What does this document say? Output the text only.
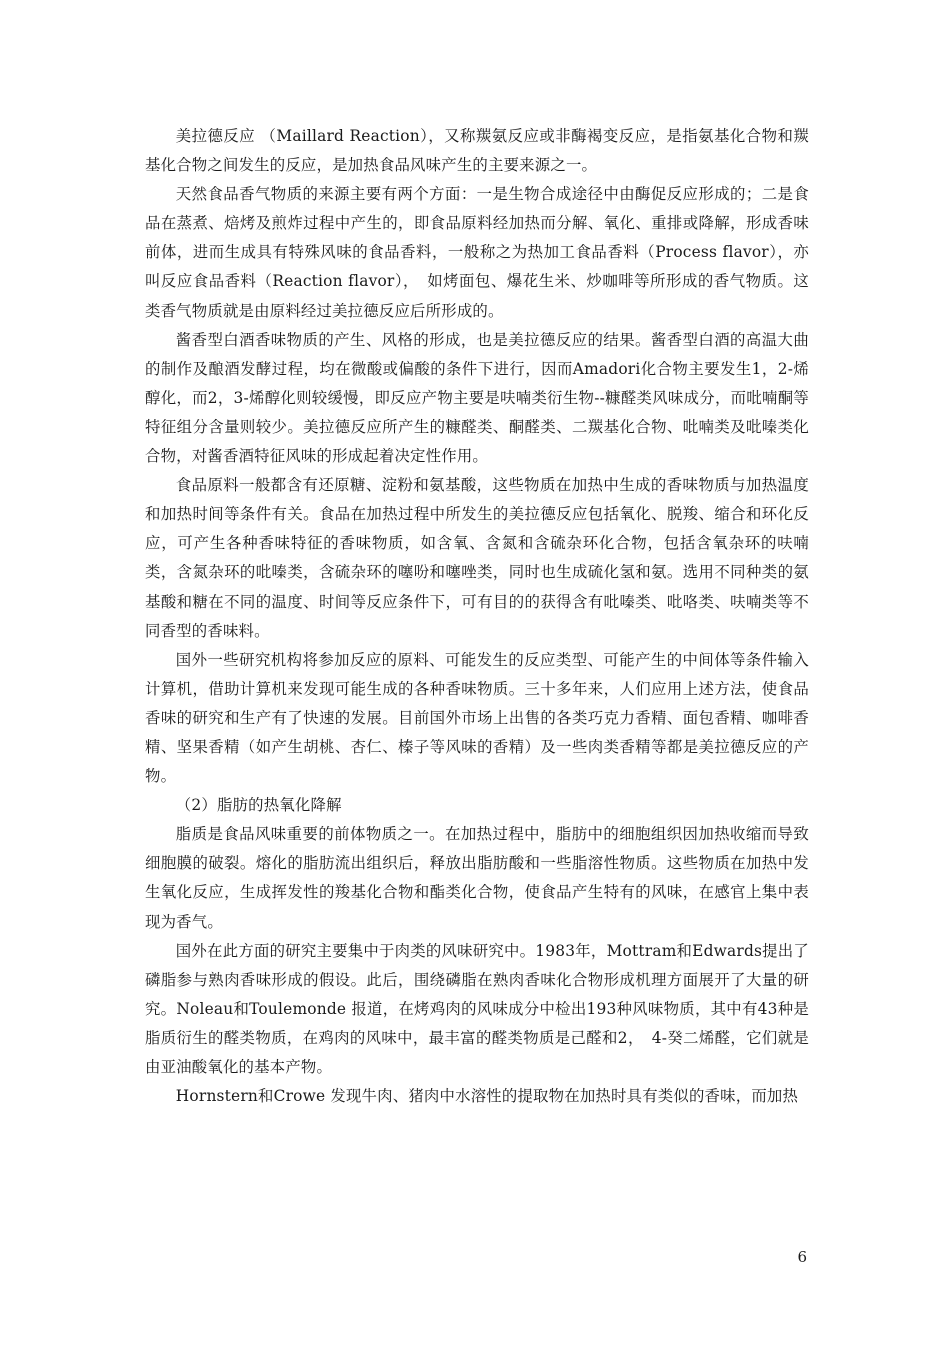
美拉德反应 （Maillard Reaction），又称羰氨反应或非酶褐变反应，是指氨基化合物和羰基化合物之间发生的反应，是加热食品风味产生的主要来源之一。

天然食品香气物质的来源主要有两个方面：一是生物合成途径中由酶促反应形成的；二是食品在蒸煮、焙烤及煎炸过程中产生的，即食品原料经加热而分解、氧化、重排或降解，形成香味前体，进而生成具有特殊风味的食品香料，一般称之为热加工食品香料（Process flavor），亦叫反应食品香料（Reaction flavor），　如烤面包、爆花生米、炒咖啡等所形成的香气物质。这类香气物质就是由原料经过美拉德反应后所形成的。

酱香型白酒香味物质的产生、风格的形成，也是美拉德反应的结果。酱香型白酒的高温大曲的制作及酿酒发酵过程，均在微酸或偏酸的条件下进行，因而Amadori化合物主要发生1，2-烯醇化，而2，3-烯醇化则较缓慢，即反应产物主要是呋喃类衍生物--糠醛类风味成分，而吡喃酮等特征组分含量则较少。美拉德反应所产生的糠醛类、酮醛类、二羰基化合物、吡喃类及吡嗪类化合物，对酱香酒特征风味的形成起着决定性作用。

食品原料一般都含有还原糖、淀粉和氨基酸，这些物质在加热中生成的香味物质与加热温度和加热时间等条件有关。食品在加热过程中所发生的美拉德反应包括氧化、脱羧、缩合和环化反应，可产生各种香味特征的香味物质，如含氧、含氮和含硫杂环化合物，包括含氧杂环的呋喃类，含氮杂环的吡嗪类，含硫杂环的噻吩和噻唑类，同时也生成硫化氢和氨。选用不同种类的氨基酸和糖在不同的温度、时间等反应条件下，可有目的的获得含有吡嗪类、吡咯类、呋喃类等不同香型的香味料。

国外一些研究机构将参加反应的原料、可能发生的反应类型、可能产生的中间体等条件输入计算机，借助计算机来发现可能生成的各种香味物质。三十多年来，人们应用上述方法，使食品香味的研究和生产有了快速的发展。目前国外市场上出售的各类巧克力香精、面包香精、咖啡香精、坚果香精（如产生胡桃、杏仁、榛子等风味的香精）及一些肉类香精等都是美拉德反应的产物。

（2）脂肪的热氧化降解

脂质是食品风味重要的前体物质之一。在加热过程中，脂肪中的细胞组织因加热收缩而导致细胞膜的破裂。熔化的脂肪流出组织后，释放出脂肪酸和一些脂溶性物质。这些物质在加热中发生氧化反应，生成挥发性的羧基化合物和酯类化合物，使食品产生特有的风味，在感官上集中表现为香气。

国外在此方面的研究主要集中于肉类的风味研究中。1983年，Mottram和Edwards提出了磷脂参与熟肉香味形成的假设。此后，围绕磷脂在熟肉香味化合物形成机理方面展开了大量的研究。Noleau和Toulemonde 报道，在烤鸡肉的风味成分中检出193种风味物质，其中有43种是脂质衍生的醛类物质，在鸡肉的风味中，最丰富的醛类物质是己醛和2，　4-癸二烯醛，它们就是由亚油酸氧化的基本产物。

Hornstern和Crowe 发现牛肉、猪肉中水溶性的提取物在加热时具有类似的香味，而加热

6
